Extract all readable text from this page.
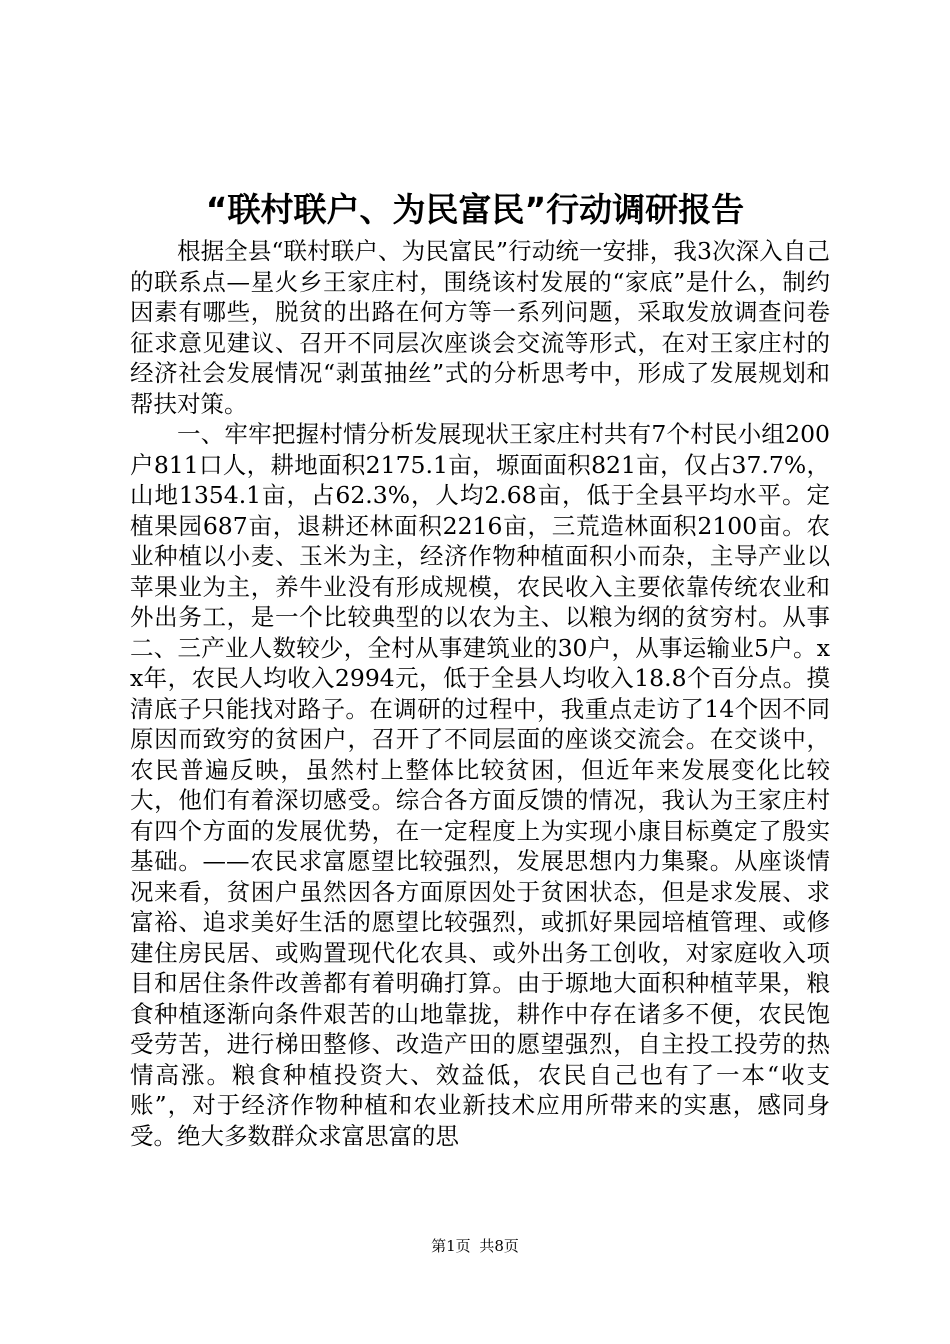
“联村联户、为民富民”行动调研报告

根据全县“联村联户、为民富民”行动统一安排，我3次深入自己的联系点—星火乡王家庄村，围绕该村发展的“家底”是什么，制约因素有哪些，脱贫的出路在何方等一系列问题，采取发放调查问卷征求意见建议、召开不同层次座谈会交流等形式，在对王家庄村的经济社会发展情况“剥茧抽丝”式的分析思考中，形成了发展规划和帮扶对策。

一、牢牢把握村情分析发展现状王家庄村共有7个村民小组200户811口人，耕地面积2175.1亩，塬面面积821亩，仅占37.7%，山地1354.1亩，占62.3%，人均2.68亩，低于全县平均水平。定植果园687亩，退耕还林面积2216亩，三荒造林面积2100亩。农业种植以小麦、玉米为主，经济作物种植面积小而杂，主导产业以苹果业为主，养牛业没有形成规模，农民收入主要依靠传统农业和外出务工，是一个比较典型的以农为主、以粮为纲的贫穷村。从事二、三产业人数较少，全村从事建筑业的30户，从事运输业5户。xx年，农民人均收入2994元，低于全县人均收入18.8个百分点。摸清底子只能找对路子。在调研的过程中，我重点走访了14个因不同原因而致穷的贫困户，召开了不同层面的座谈交流会。在交谈中，农民普遍反映，虽然村上整体比较贫困，但近年来发展变化比较大，他们有着深切感受。综合各方面反馈的情况，我认为王家庄村有四个方面的发展优势，在一定程度上为实现小康目标奠定了殷实基础。——农民求富愿望比较强烈，发展思想内力集聚。从座谈情况来看，贫困户虽然因各方面原因处于贫困状态，但是求发展、求富裕、追求美好生活的愿望比较强烈，或抓好果园培植管理、或修建住房民居、或购置现代化农具、或外出务工创收，对家庭收入项目和居住条件改善都有着明确打算。由于塬地大面积种植苹果，粮食种植逐渐向条件艰苦的山地靠拢，耕作中存在诸多不便，农民饱受劳苦，进行梯田整修、改造产田的愿望强烈，自主投工投劳的热情高涨。粮食种植投资大、效益低，农民自己也有了一本“收支账”，对于经济作物种植和农业新技术应用所带来的实惠，感同身受。绝大多数群众求富思富的思

第1页 共8页
